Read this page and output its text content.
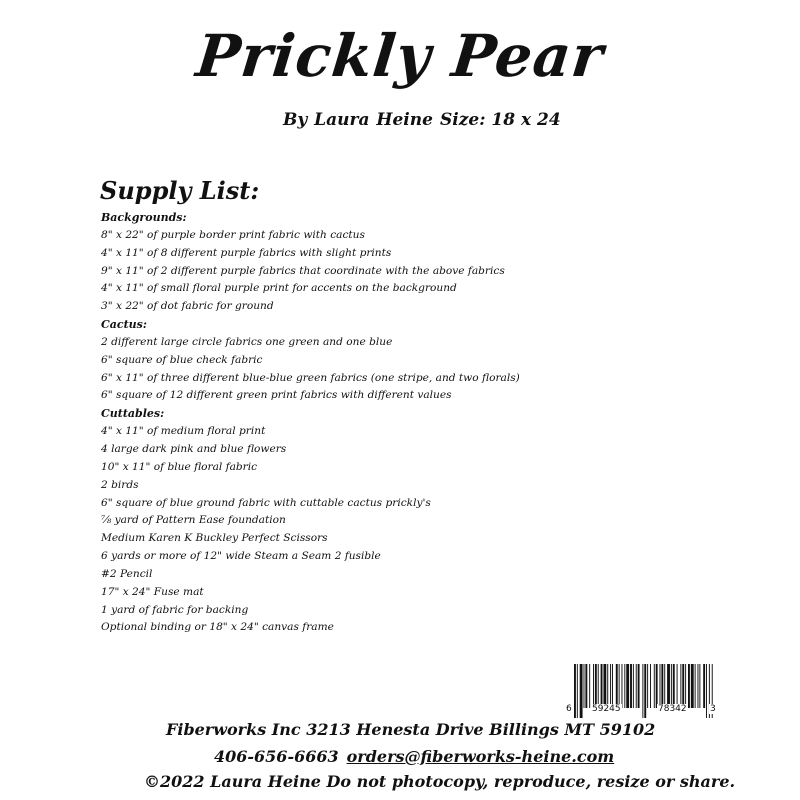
Prickly Pear
By Laura Heine Size: 18 x 24
Supply List:
Backgrounds:
8" x 22" of purple border print fabric with cactus
4" x 11" of 8 different purple fabrics with slight prints
9" x 11" of 2 different purple fabrics that coordinate with the above fabrics
4" x 11" of small floral purple print for accents on the background
3" x 22" of dot fabric for ground
Cactus:
2 different large circle fabrics one green and one blue
6" square of blue check fabric
6" x 11" of three different blue-blue green fabrics (one stripe, and two florals)
6" square of 12 different green print fabrics with different values
Cuttables:
4" x 11" of medium floral print
4 large dark pink and blue flowers
10" x 11" of blue floral fabric
2 birds
6" square of blue ground fabric with cuttable cactus prickly's
⅞ yard of Pattern Ease foundation
Medium Karen K Buckley Perfect Scissors
6 yards or more of 12" wide Steam a Seam 2 fusible
#2 Pencil
17" x 24" Fuse mat
1 yard of fabric for backing
Optional binding or 18" x 24" canvas frame
6 59245	78342	3
Fiberworks Inc 3213 Henesta Drive Billings MT 59102
406-656-6663 orders@fiberworks-heine.com
©2022 Laura Heine Do not photocopy, reproduce, resize or share.
